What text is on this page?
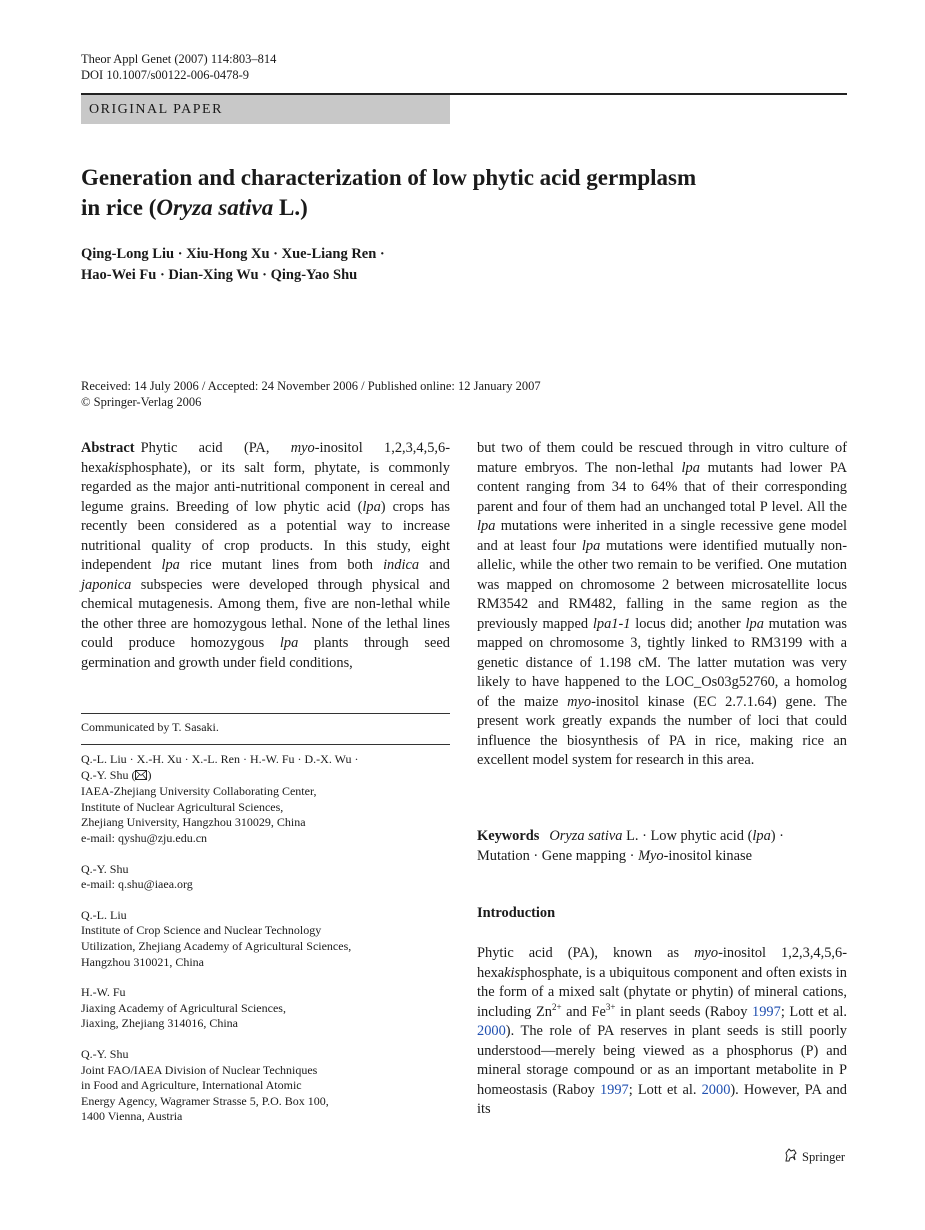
Theor Appl Genet (2007) 114:803–814
DOI 10.1007/s00122-006-0478-9
ORIGINAL PAPER
Generation and characterization of low phytic acid germplasm
in rice (Oryza sativa L.)
Qing-Long Liu · Xiu-Hong Xu · Xue-Liang Ren ·
Hao-Wei Fu · Dian-Xing Wu · Qing-Yao Shu
Received: 14 July 2006 / Accepted: 24 November 2006 / Published online: 12 January 2007
© Springer-Verlag 2006

Abstract Phytic acid (PA, myo-inositol 1,2,3,4,5,6-hexakisphosphate), or its salt form, phytate, is commonly regarded as the major anti-nutritional component in cereal and legume grains. Breeding of low phytic acid (lpa) crops has recently been considered as a potential way to increase nutritional quality of crop products. In this study, eight independent lpa rice mutant lines from both indica and japonica subspecies were developed through physical and chemical mutagenesis. Among them, five are non-lethal while the other three are homozygous lethal. None of the lethal lines could produce homozygous lpa plants through seed germination and growth under field conditions,

Communicated by T. Sasaki.

Q.-L. Liu · X.-H. Xu · X.-L. Ren · H.-W. Fu · D.-X. Wu ·
Q.-Y. Shu ( )
IAEA-Zhejiang University Collaborating Center,
Institute of Nuclear Agricultural Sciences,
Zhejiang University, Hangzhou 310029, China
e-mail: qyshu@zju.edu.cn

Q.-Y. Shu
e-mail: q.shu@iaea.org

Q.-L. Liu
Institute of Crop Science and Nuclear Technology
Utilization, Zhejiang Academy of Agricultural Sciences,
Hangzhou 310021, China

H.-W. Fu
Jiaxing Academy of Agricultural Sciences,
Jiaxing, Zhejiang 314016, China

Q.-Y. Shu
Joint FAO/IAEA Division of Nuclear Techniques
in Food and Agriculture, International Atomic
Energy Agency, Wagramer Strasse 5, P.O. Box 100,
1400 Vienna, Austria

but two of them could be rescued through in vitro culture of mature embryos. The non-lethal lpa mutants had lower PA content ranging from 34 to 64% that of their corresponding parent and four of them had an unchanged total P level. All the lpa mutations were inherited in a single recessive gene model and at least four lpa mutations were identified mutually non-allelic, while the other two remain to be verified. One mutation was mapped on chromosome 2 between microsatellite locus RM3542 and RM482, falling in the same region as the previously mapped lpa1-1 locus did; another lpa mutation was mapped on chromosome 3, tightly linked to RM3199 with a genetic distance of 1.198 cM. The latter mutation was very likely to have happened to the LOC_Os03g52760, a homolog of the maize myo-inositol kinase (EC 2.7.1.64) gene. The present work greatly expands the number of loci that could influence the biosynthesis of PA in rice, making rice an excellent model system for research in this area.

Keywords Oryza sativa L. · Low phytic acid (lpa) ·
Mutation · Gene mapping · Myo-inositol kinase
Introduction
Phytic acid (PA), known as myo-inositol 1,2,3,4,5,6-hexakisphosphate, is a ubiquitous component and often exists in the form of a mixed salt (phytate or phytin) of mineral cations, including $Zn^{2+}$ and $Fe^{3+}$ in plant seeds (Raboy 1997; Lott et al. 2000). The role of PA reserves in plant seeds is still poorly understood—merely being viewed as a phosphorus (P) and mineral storage compound or as an important metabolite in P homeostasis (Raboy 1997; Lott et al. 2000). However, PA and its
Springer
